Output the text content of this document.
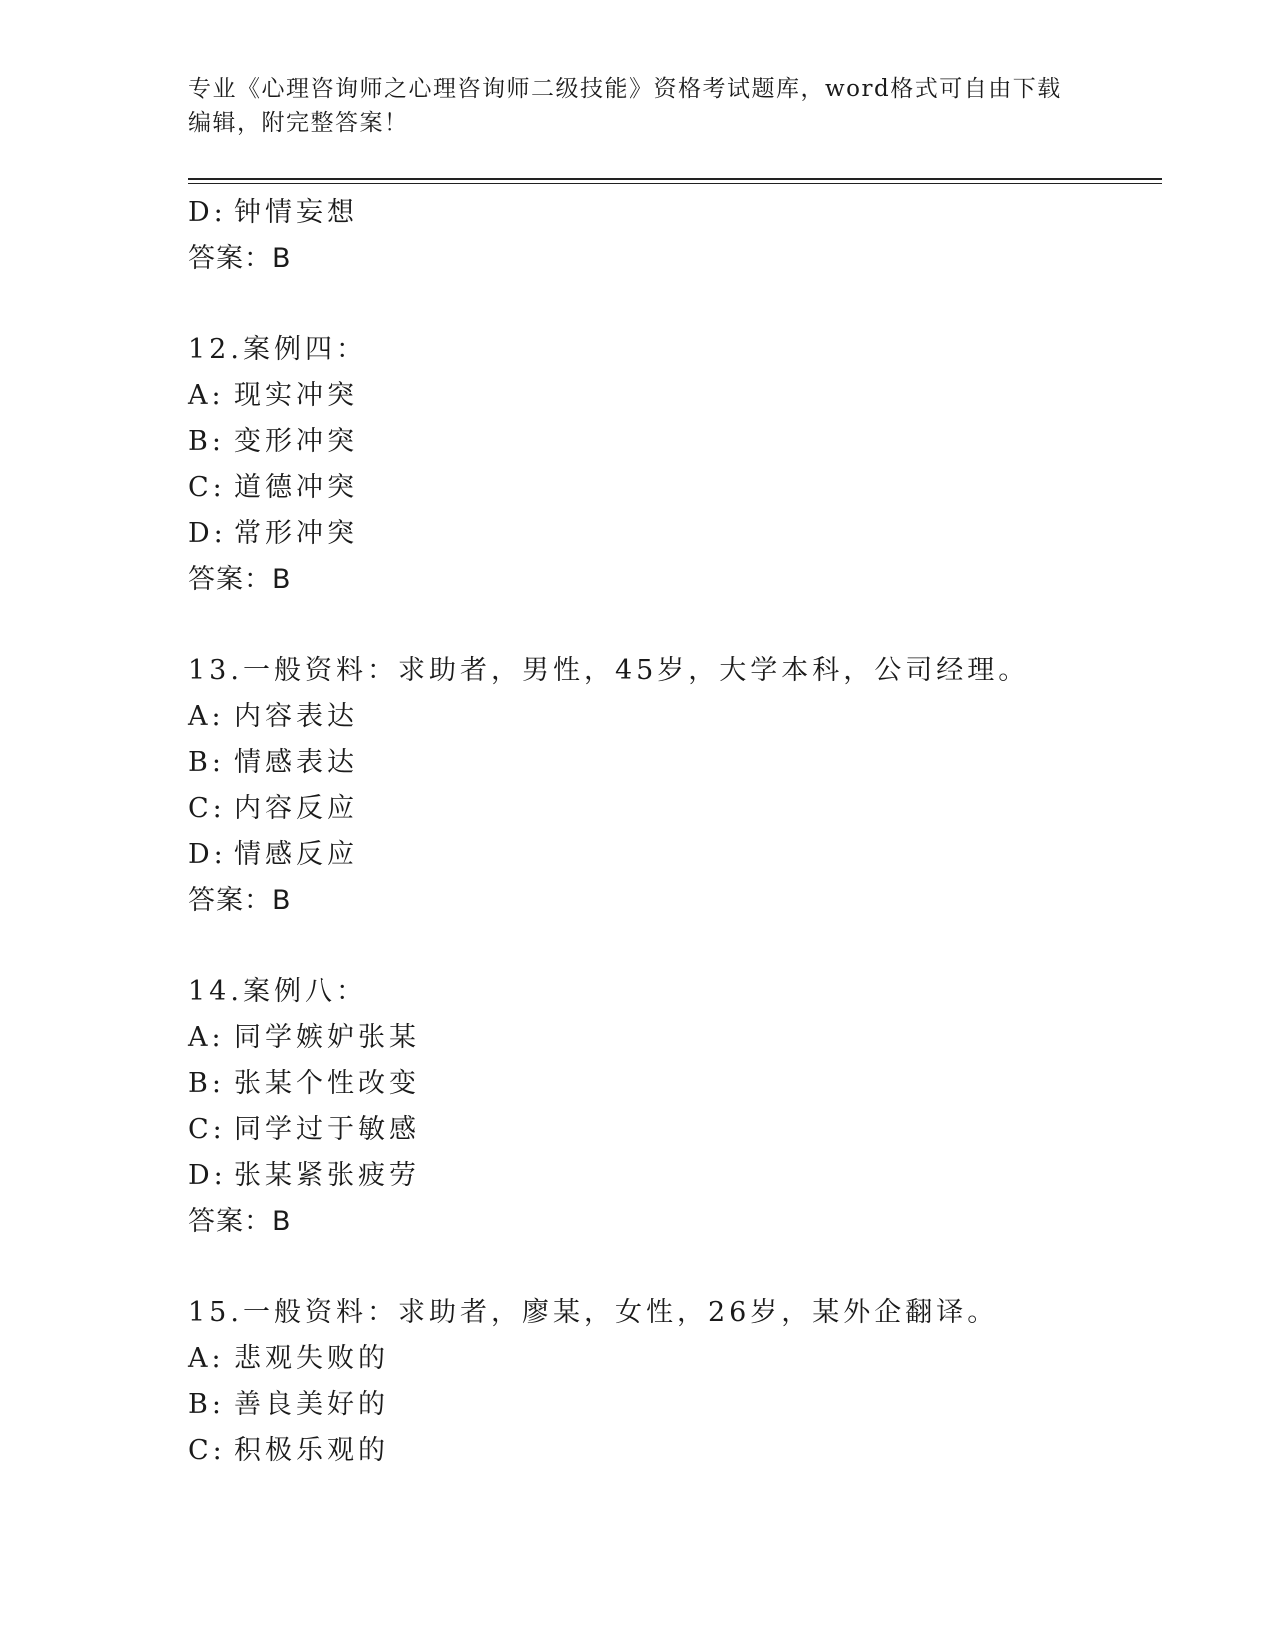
专业《心理咨询师之心理咨询师二级技能》资格考试题库，word格式可自由下载
编辑，附完整答案！
D: 钟情妄想
答案：B
12.案例四：
A: 现实冲突
B: 变形冲突
C: 道德冲突
D: 常形冲突
答案：B
13.一般资料：求助者，男性，45岁，大学本科，公司经理。
A: 内容表达
B: 情感表达
C: 内容反应
D: 情感反应
答案：B
14.案例八：
A: 同学嫉妒张某
B: 张某个性改变
C: 同学过于敏感
D: 张某紧张疲劳
答案：B
15.一般资料：求助者，廖某，女性，26岁，某外企翻译。
A: 悲观失败的
B: 善良美好的
C: 积极乐观的
